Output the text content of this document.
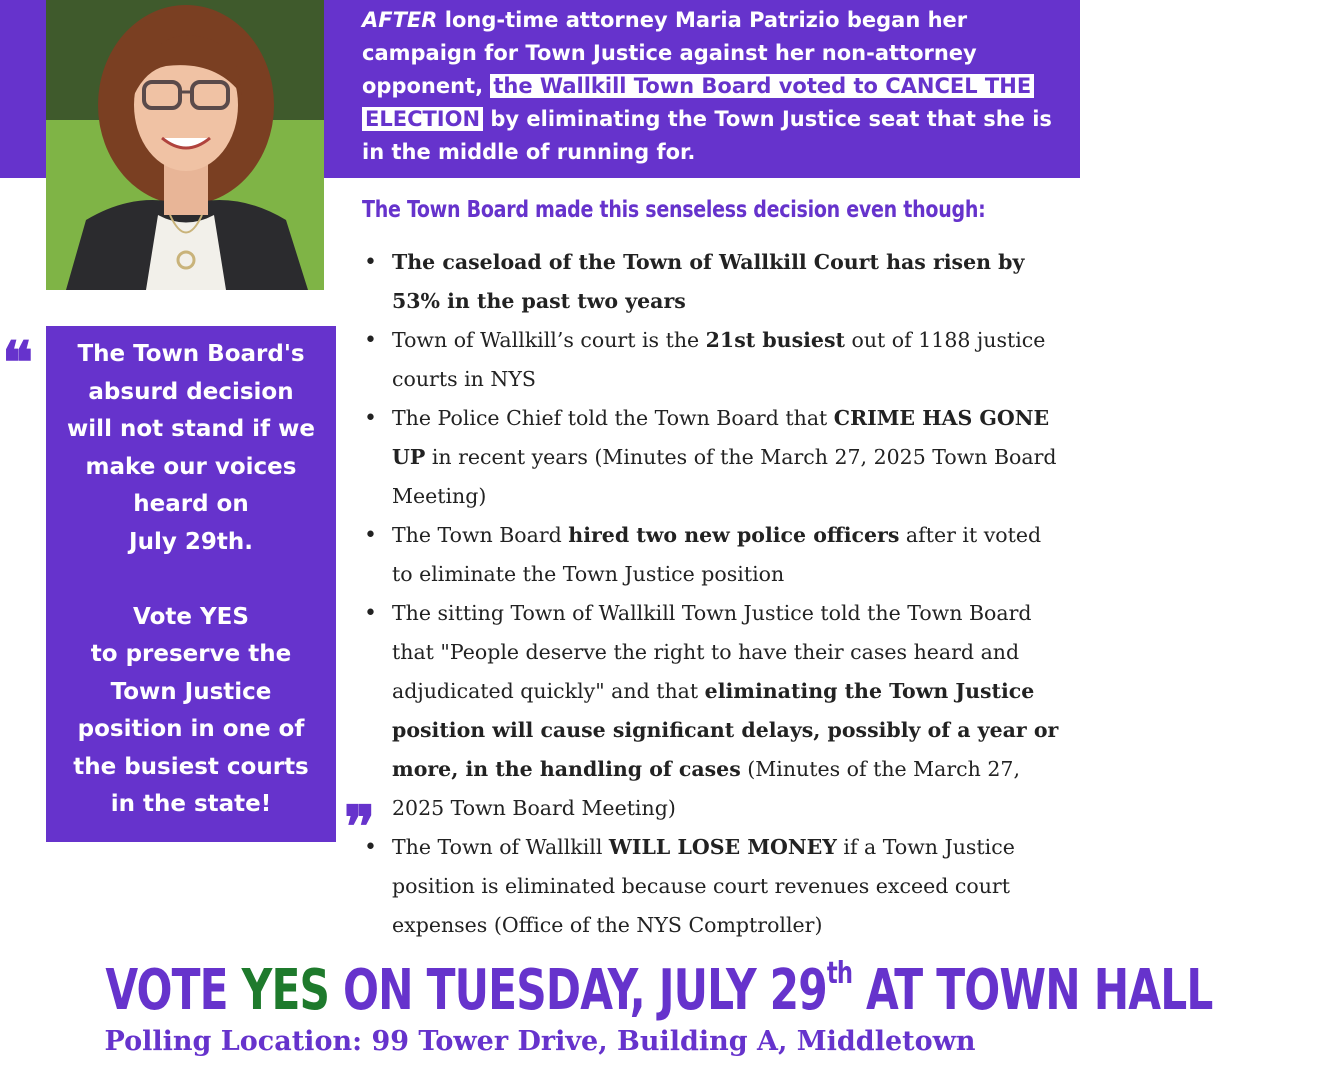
AFTER long-time attorney Maria Patrizio began her campaign for Town Justice against her non-attorney opponent, the Wallkill Town Board voted to CANCEL THE
ELECTION by eliminating the Town Justice seat that she is in the middle of running for.
The Town Board made this senseless decision even though:
❝	The Town Board's
absurd decision
will not stand if we
make our voices
heard on
July 29th.
Vote YES
to preserve the
Town Justice
position in one of
the busiest courts
in the state!	❞
• The caseload of the Town of Wallkill Court has risen by 53% in the past two years
• Town of Wallkill’s court is the 21st busiest out of 1188 justice courts in NYS
• The Police Chief told the Town Board that CRIME HAS GONE UP in recent years (Minutes of the March 27, 2025 Town Board Meeting)
• The Town Board hired two new police officers after it voted to eliminate the Town Justice position
• The sitting Town of Wallkill Town Justice told the Town Board that "People deserve the right to have their cases heard and adjudicated quickly" and that eliminating the Town Justice position will cause significant delays, possibly of a year or more, in the handling of cases (Minutes of the March 27, 2025 Town Board Meeting)
• The Town of Wallkill WILL LOSE MONEY if a Town Justice position is eliminated because court revenues exceed court expenses (Office of the NYS Comptroller)
VOTE YES ON TUESDAY, JULY 29th AT TOWN HALL
Polling Location: 99 Tower Drive, Building A, Middletown
